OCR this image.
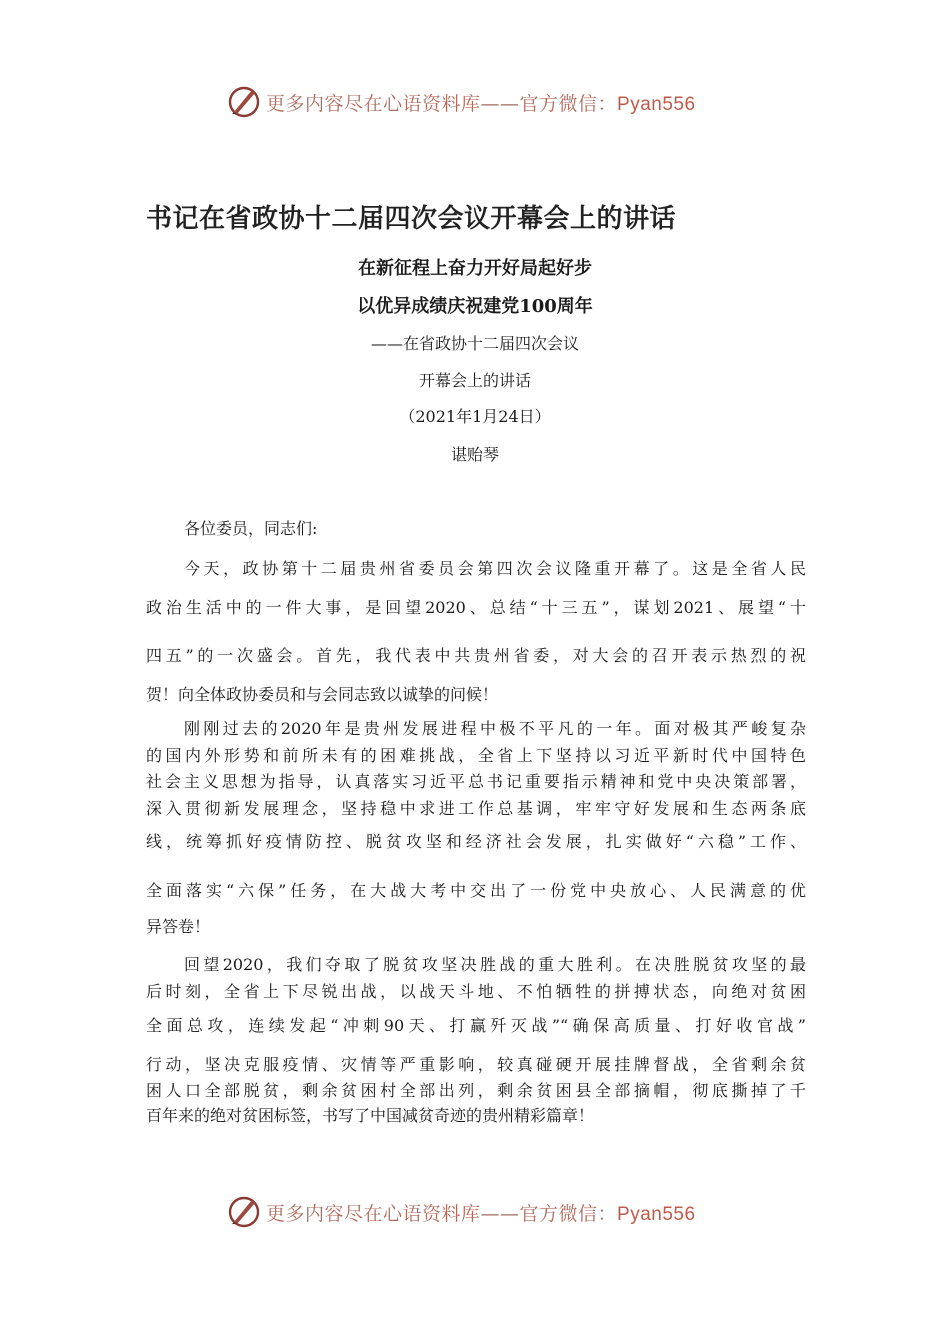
更多内容尽在心语资料库——官方微信：Pyan556
书记在省政协十二届四次会议开幕会上的讲话
在新征程上奋力开好局起好步
以优异成绩庆祝建党100周年
——在省政协十二届四次会议
开幕会上的讲话
（2021年1月24日）
谌贻琴

各位委员，同志们:

今天，政协第十二届贵州省委员会第四次会议隆重开幕了。这是全省人民

政治生活中的一件大事，是回望2020、总结“十三五”，谋划2021、展望“十

四五”的一次盛会。首先，我代表中共贵州省委，对大会的召开表示热烈的祝

贺！向全体政协委员和与会同志致以诚挚的问候！

刚刚过去的2020年是贵州发展进程中极不平凡的一年。面对极其严峻复杂

的国内外形势和前所未有的困难挑战，全省上下坚持以习近平新时代中国特色

社会主义思想为指导，认真落实习近平总书记重要指示精神和党中央决策部署，

深入贯彻新发展理念，坚持稳中求进工作总基调，牢牢守好发展和生态两条底

线，统筹抓好疫情防控、脱贫攻坚和经济社会发展，扎实做好“六稳”工作、

全面落实“六保”任务，在大战大考中交出了一份党中央放心、人民满意的优

异答卷！

回望2020，我们夺取了脱贫攻坚决胜战的重大胜利。在决胜脱贫攻坚的最

后时刻，全省上下尽锐出战，以战天斗地、不怕牺牲的拼搏状态，向绝对贫困

全面总攻，连续发起“冲刺90天、打赢歼灭战”“确保高质量、打好收官战”

行动，坚决克服疫情、灾情等严重影响，较真碰硬开展挂牌督战，全省剩余贫

困人口全部脱贫，剩余贫困村全部出列，剩余贫困县全部摘帽，彻底撕掉了千

百年来的绝对贫困标签，书写了中国减贫奇迹的贵州精彩篇章！

更多内容尽在心语资料库——官方微信：Pyan556
